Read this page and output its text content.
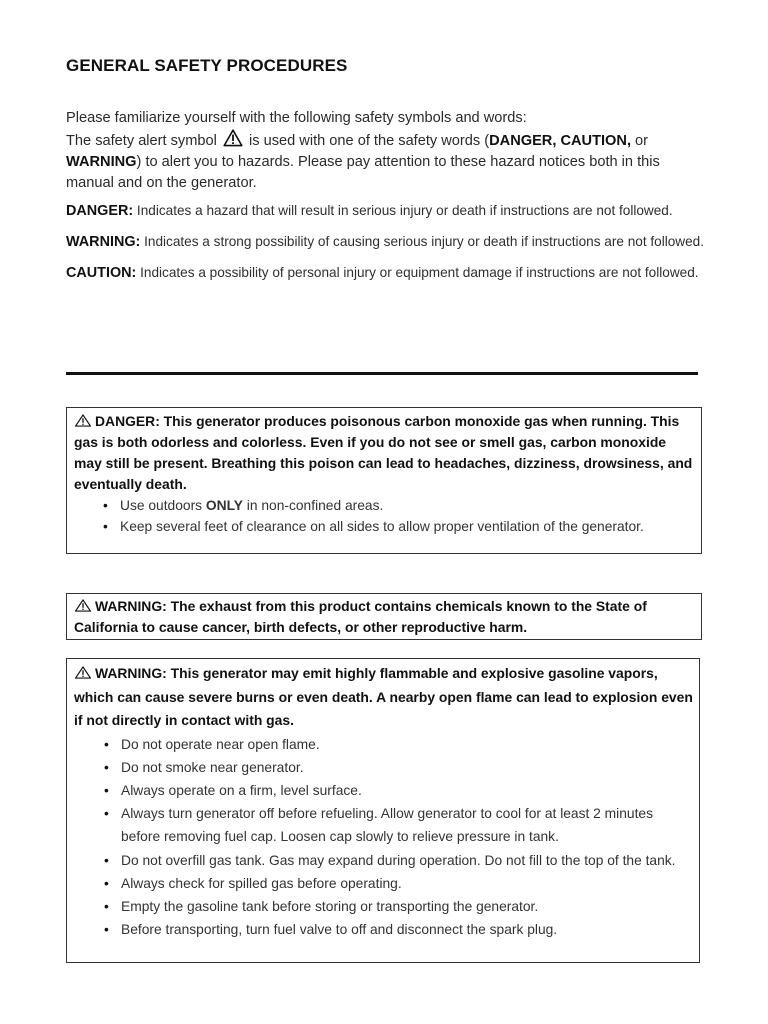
GENERAL SAFETY PROCEDURES

Please familiarize yourself with the following safety symbols and words:

The safety alert symbol is used with one of the safety words (DANGER, CAUTION, or WARNING) to alert you to hazards. Please pay attention to these hazard notices both in this manual and on the generator.

DANGER: Indicates a hazard that will result in serious injury or death if instructions are not followed.

WARNING: Indicates a strong possibility of causing serious injury or death if instructions are not followed.

CAUTION: Indicates a possibility of personal injury or equipment damage if instructions are not followed.

DANGER: This generator produces poisonous carbon monoxide gas when running. This gas is both odorless and colorless. Even if you do not see or smell gas, carbon monoxide may still be present. Breathing this poison can lead to headaches, dizziness, drowsiness, and eventually death.
• Use outdoors ONLY in non-confined areas.
• Keep several feet of clearance on all sides to allow proper ventilation of the generator.
WARNING: The exhaust from this product contains chemicals known to the State of California to cause cancer, birth defects, or other reproductive harm.
WARNING: This generator may emit highly flammable and explosive gasoline vapors, which can cause severe burns or even death. A nearby open flame can lead to explosion even if not directly in contact with gas.
• Do not operate near open flame.
• Do not smoke near generator.
• Always operate on a firm, level surface.
• Always turn generator off before refueling. Allow generator to cool for at least 2 minutes before removing fuel cap. Loosen cap slowly to relieve pressure in tank.
• Do not overfill gas tank. Gas may expand during operation. Do not fill to the top of the tank.
• Always check for spilled gas before operating.
• Empty the gasoline tank before storing or transporting the generator.
• Before transporting, turn fuel valve to off and disconnect the spark plug.
